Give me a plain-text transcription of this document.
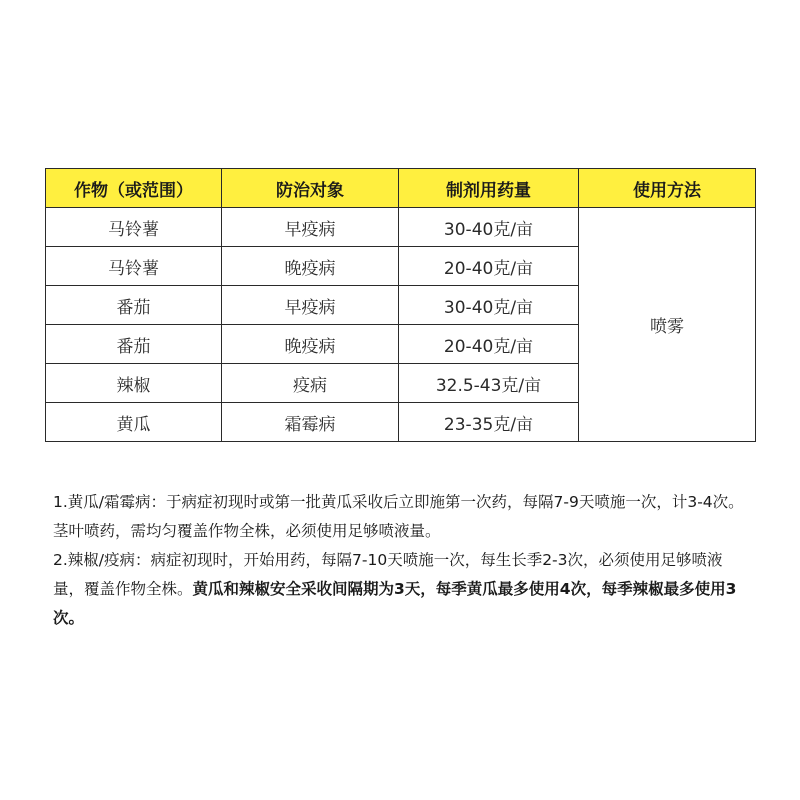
作物（或范围）	防治对象	制剂用药量	使用方法
马铃薯	早疫病	30-40克/亩	喷雾
马铃薯	晚疫病	20-40克/亩	
番茄	早疫病	30-40克/亩	
番茄	晚疫病	20-40克/亩	
辣椒	疫病	32.5-43克/亩	
黄瓜	霜霉病	23-35克/亩	

1.黄瓜/霜霉病：于病症初现时或第一批黄瓜采收后立即施第一次药，每隔7-9天喷施一次，计3-4次。茎叶喷药，需均匀覆盖作物全株，必须使用足够喷液量。

2.辣椒/疫病：病症初现时，开始用药，每隔7-10天喷施一次，每生长季2-3次，必须使用足够喷液量，覆盖作物全株。黄瓜和辣椒安全采收间隔期为3天，每季黄瓜最多使用4次，每季辣椒最多使用3次。
